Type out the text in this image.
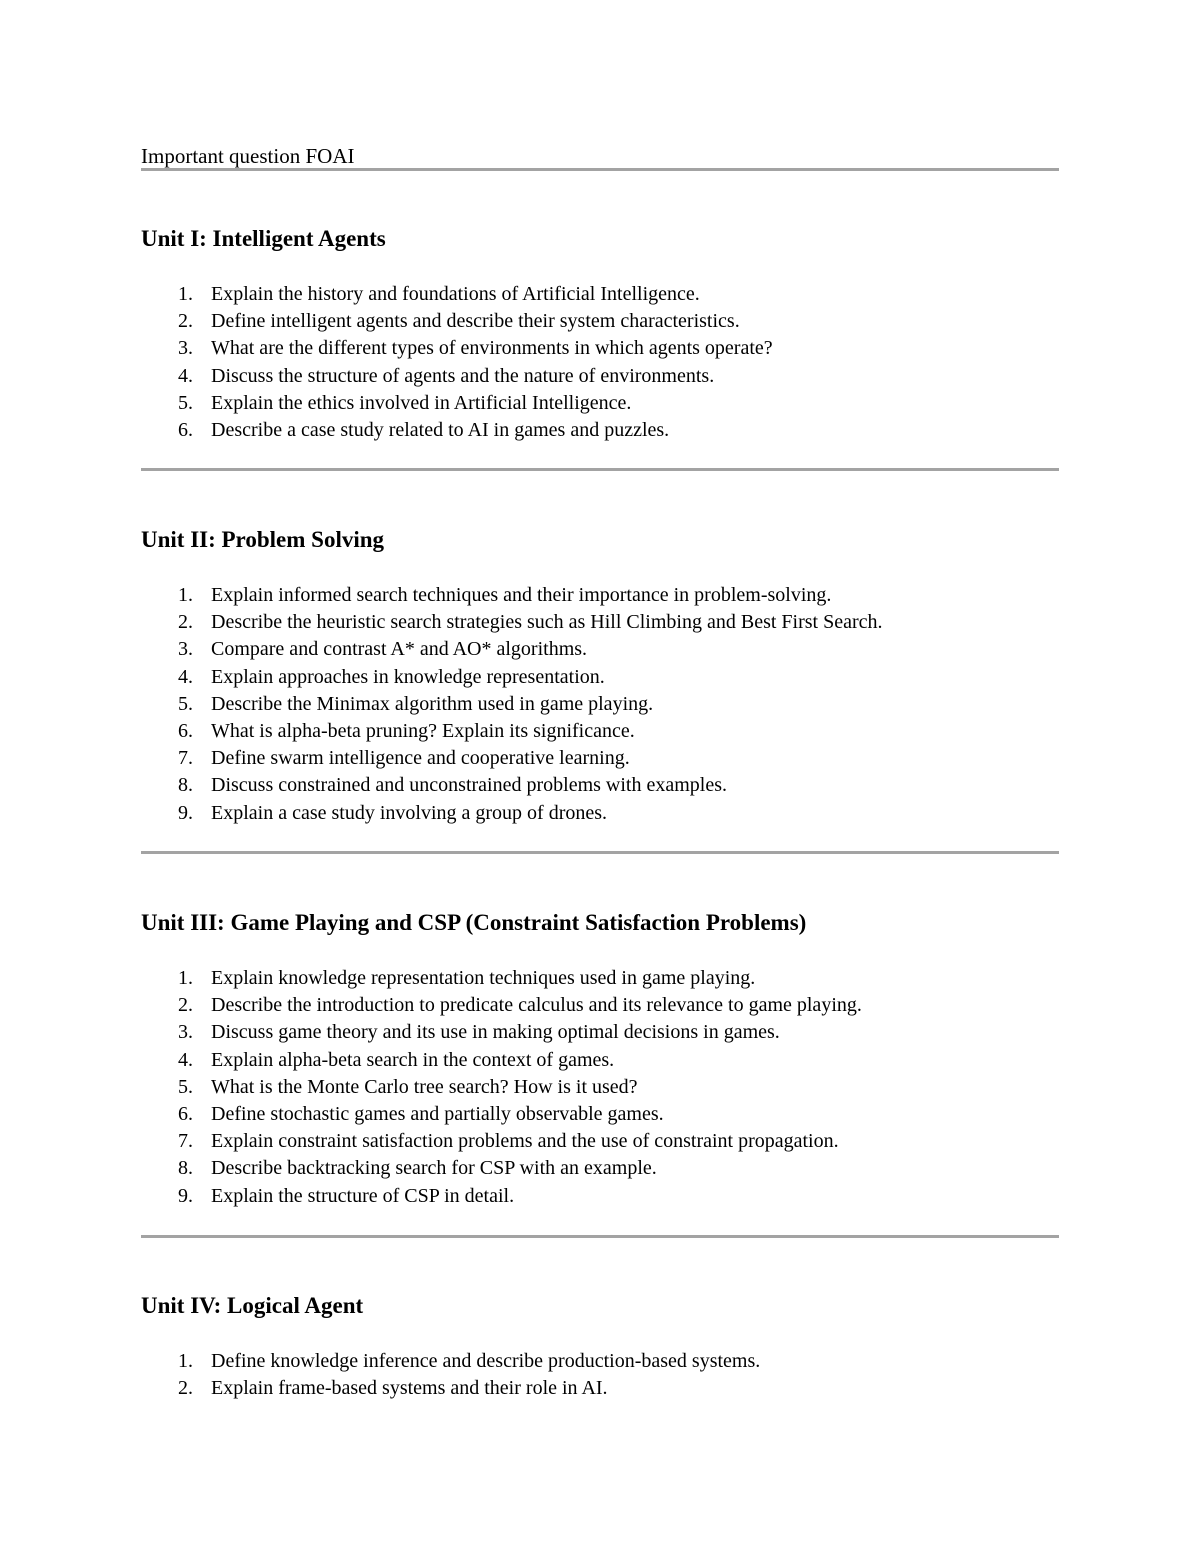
Important question FOAI
Unit I: Intelligent Agents
1. Explain the history and foundations of Artificial Intelligence.
2. Define intelligent agents and describe their system characteristics.
3. What are the different types of environments in which agents operate?
4. Discuss the structure of agents and the nature of environments.
5. Explain the ethics involved in Artificial Intelligence.
6. Describe a case study related to AI in games and puzzles.
Unit II: Problem Solving
1. Explain informed search techniques and their importance in problem-solving.
2. Describe the heuristic search strategies such as Hill Climbing and Best First Search.
3. Compare and contrast A* and AO* algorithms.
4. Explain approaches in knowledge representation.
5. Describe the Minimax algorithm used in game playing.
6. What is alpha-beta pruning? Explain its significance.
7. Define swarm intelligence and cooperative learning.
8. Discuss constrained and unconstrained problems with examples.
9. Explain a case study involving a group of drones.
Unit III: Game Playing and CSP (Constraint Satisfaction Problems)
1. Explain knowledge representation techniques used in game playing.
2. Describe the introduction to predicate calculus and its relevance to game playing.
3. Discuss game theory and its use in making optimal decisions in games.
4. Explain alpha-beta search in the context of games.
5. What is the Monte Carlo tree search? How is it used?
6. Define stochastic games and partially observable games.
7. Explain constraint satisfaction problems and the use of constraint propagation.
8. Describe backtracking search for CSP with an example.
9. Explain the structure of CSP in detail.
Unit IV: Logical Agent
1. Define knowledge inference and describe production-based systems.
2. Explain frame-based systems and their role in AI.
